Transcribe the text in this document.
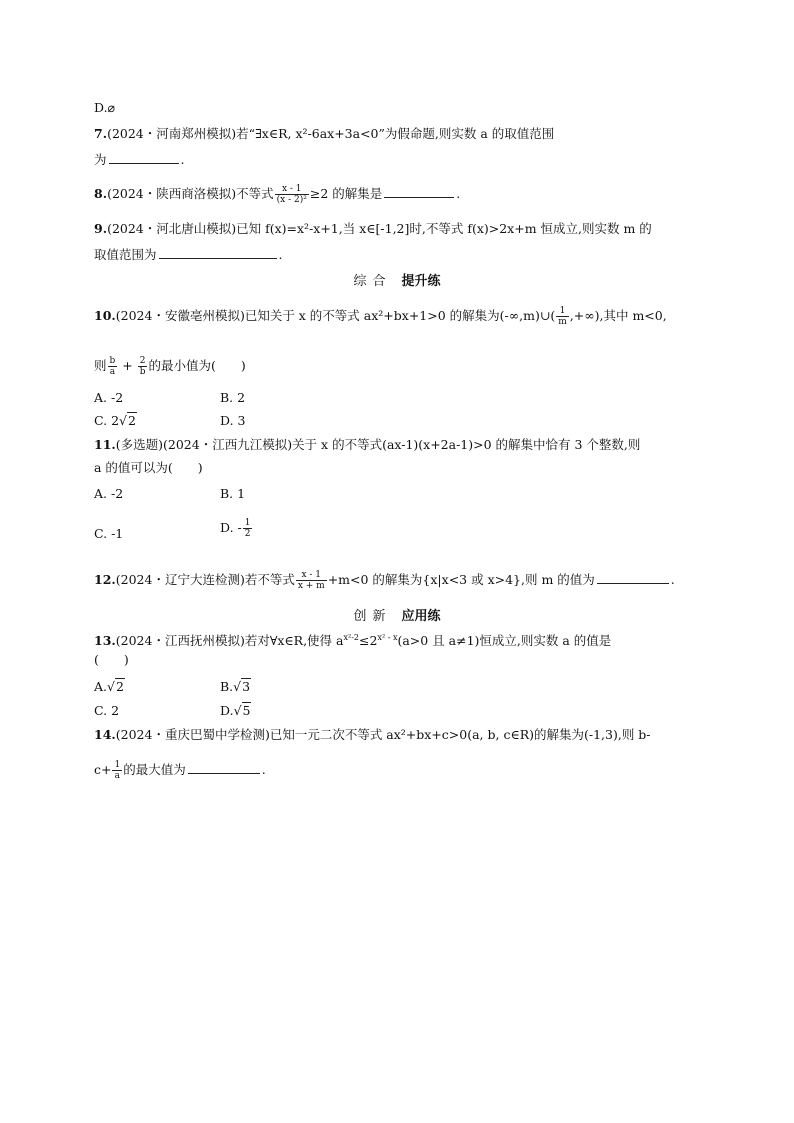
D.⌀
7.(2024・河南郑州模拟)若“∃x∈R, x²-6ax+3a<0”为假命题,则实数 a 的取值范围
为	.
8.(2024・陕西商洛模拟)不等式 $\frac{x - 1}{\text{(x - 2)²}} \ge 2$ 的解集是	.
9.(2024・河北唐山模拟)已知 f(x)=x²-x+1,当 x∈[-1,2]时,不等式 f(x)>2x+m 恒成立,则实数 m 的
取值范围为	.
综合 提升练
10.(2024・安徽亳州模拟)已知关于 x 的不等式 ax²+bx+1>0 的解集为(-∞,m)∪( $\frac{1}{m}$ ,+∞),其中 m<0,
则 $\frac{b}{a} + \frac{2}{b}$ 的最小值为(　　)
A. -2	B. 2
C. 2√2	D. 3
11.(多选题)(2024・江西九江模拟)关于 x 的不等式(ax-1)(x+2a-1)>0 的解集中恰有 3 个整数,则
a 的值可以为(　　)
A. -2	B. 1
C. -1	D. - $\frac{1}{2}$
12.(2024・辽宁大连检测)若不等式 $\frac{x - 1}{x + m} +m<0$ 的解集为{x|x<3 或 x>4},则 m 的值为	.
创新 应用练
13.(2024・江西抚州模拟)若对∀x∈R,使得 $a^{x^2-2}\le 2^{x^2 - x}(a>0$ 且 a≠1)恒成立,则实数 a 的值是
(　　)
A.√2	B.√3
C. 2	D.√5
14.(2024・重庆巴蜀中学检测)已知一元二次不等式 ax²+bx+c>0(a, b, c∈R)的解集为(-1,3),则 b-
$c+ \frac{1}{a}$ 的最大值为	.
